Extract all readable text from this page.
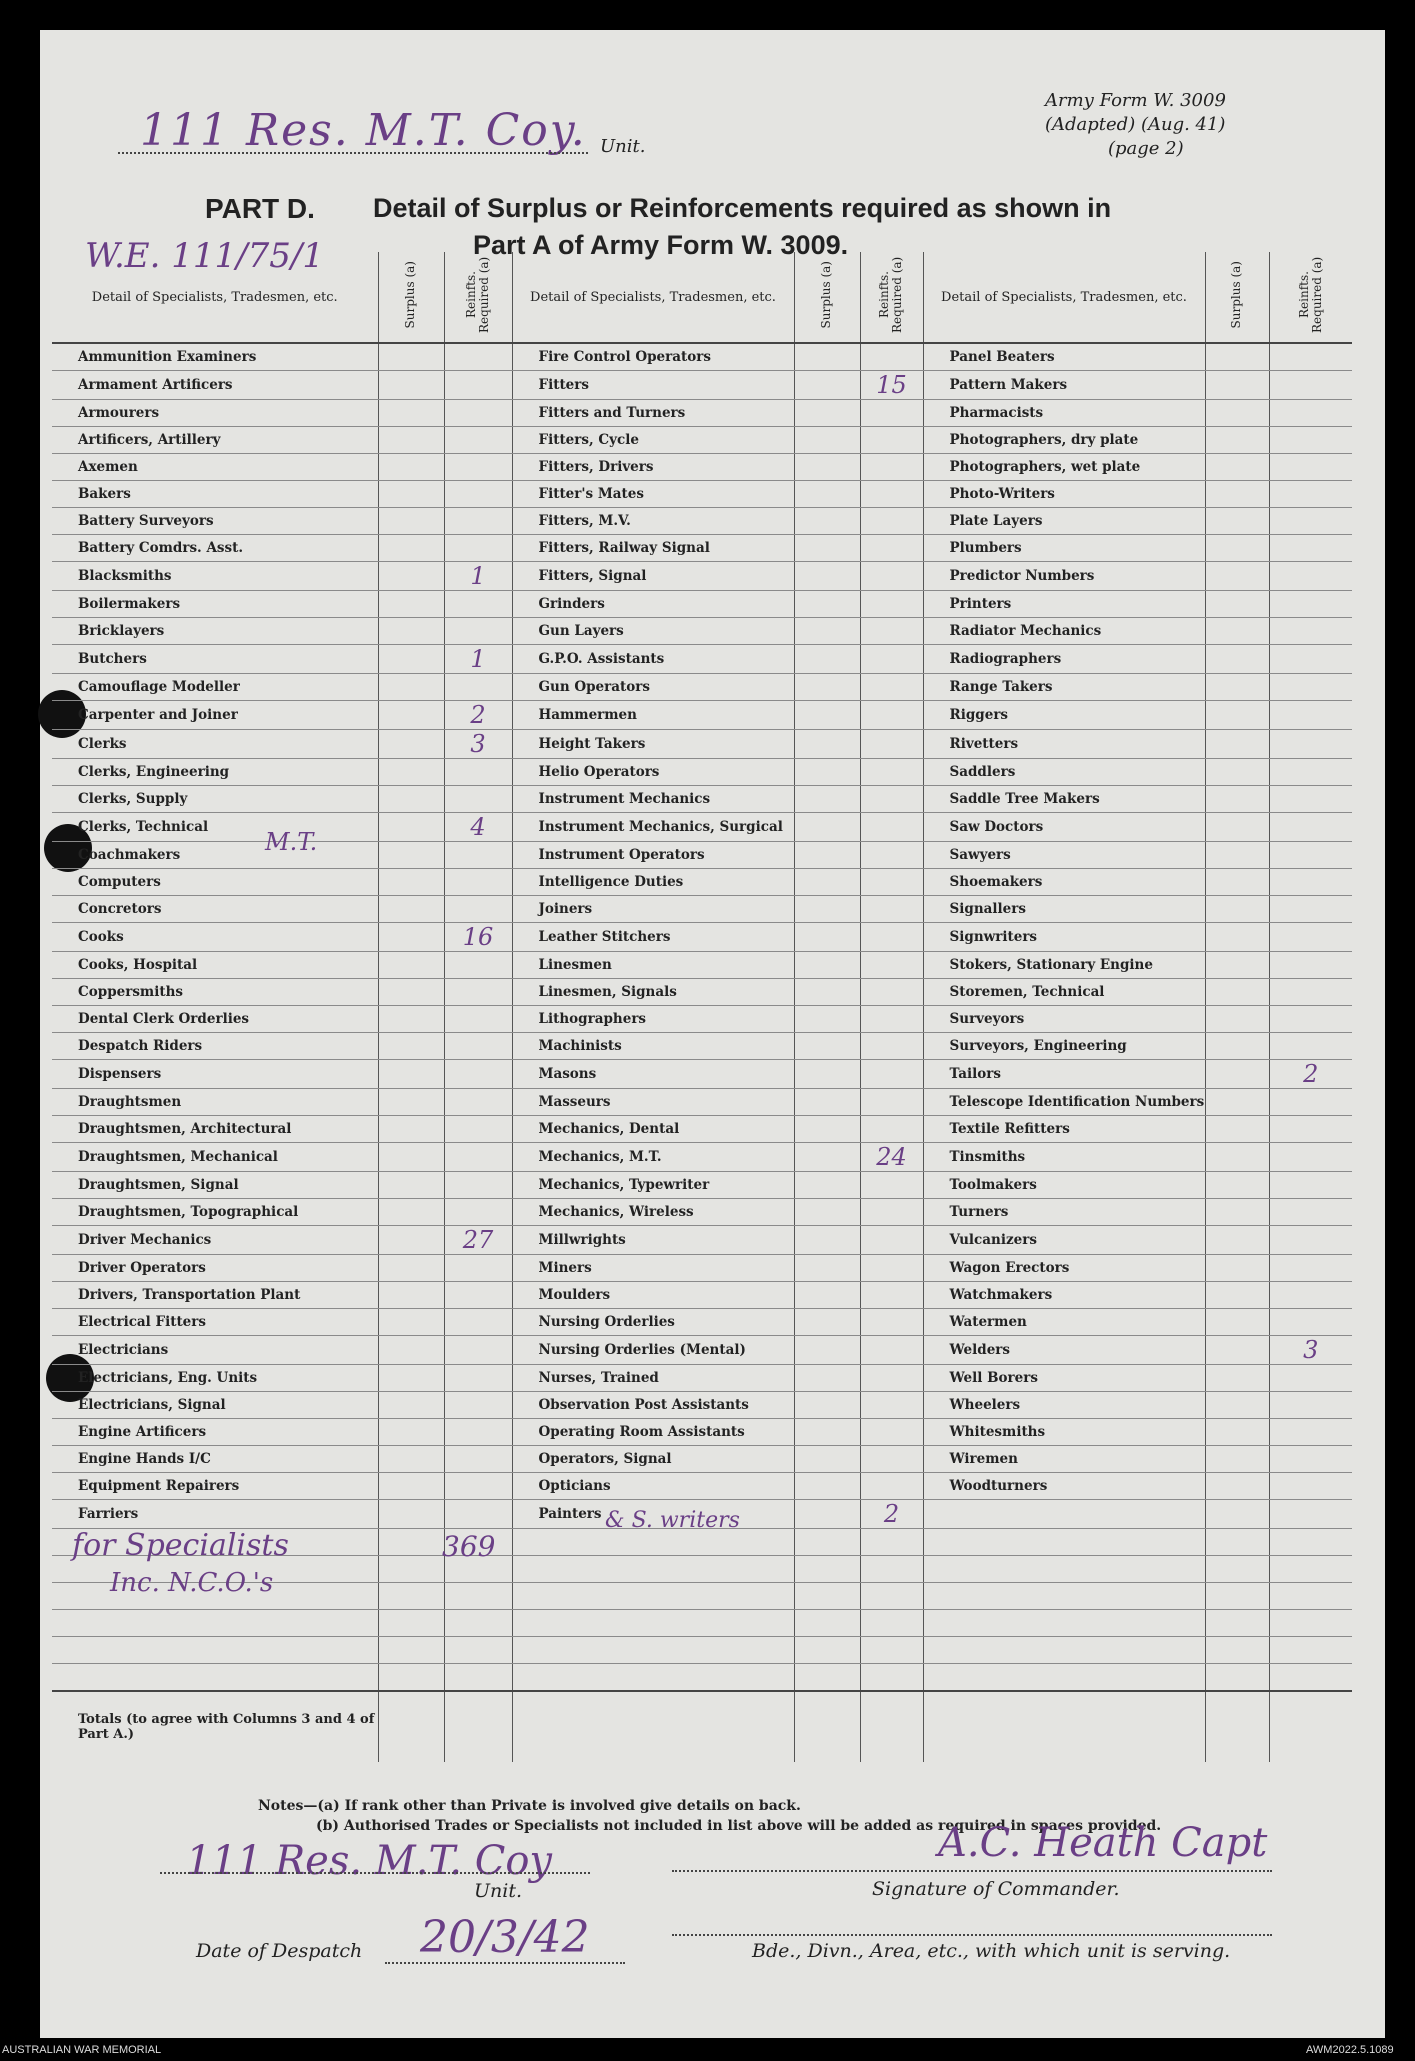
111 Res. M.T. Coy. Unit.
Army Form W. 3009
(Adapted) (Aug. 41)
(page 2)
PART D. Detail of Surplus or Reinforcements required as shown in
Part A of Army Form W. 3009.
W.E. 111/75/1
Detail of Specialists, Tradesmen, etc.	Surplus (a)	Reinfts. Required (a)	Detail of Specialists, Tradesmen, etc.	Surplus (a)	Reinfts. Required (a)	Detail of Specialists, Tradesmen, etc.	Surplus (a)	Reinfts. Required (a)
Ammunition Examiners			Fire Control Operators			Panel Beaters		
Armament Artificers			Fitters		15	Pattern Makers		
Armourers			Fitters and Turners			Pharmacists		
Artificers, Artillery			Fitters, Cycle			Photographers, dry plate		
Axemen			Fitters, Drivers			Photographers, wet plate		
Bakers			Fitter's Mates			Photo-Writers		
Battery Surveyors			Fitters, M.V.			Plate Layers		
Battery Comdrs. Asst.			Fitters, Railway Signal			Plumbers		
Blacksmiths		1	Fitters, Signal			Predictor Numbers		
Boilermakers			Grinders			Printers		
Bricklayers			Gun Layers			Radiator Mechanics		
Butchers		1	G.P.O. Assistants			Radiographers		
Camouflage Modeller			Gun Operators			Range Takers		
Carpenter and Joiner		2	Hammermen			Riggers		
Clerks		3	Height Takers			Rivetters		
Clerks, Engineering			Helio Operators			Saddlers		
Clerks, Supply			Instrument Mechanics			Saddle Tree Makers		
Clerks, Technical		4	Instrument Mechanics, Surgical			Saw Doctors		
Coachmakers			Instrument Operators			Sawyers		
Computers			Intelligence Duties			Shoemakers		
Concretors			Joiners			Signallers		
Cooks		16	Leather Stitchers			Signwriters		
Cooks, Hospital			Linesmen			Stokers, Stationary Engine		
Coppersmiths			Linesmen, Signals			Storemen, Technical		
Dental Clerk Orderlies			Lithographers			Surveyors		
Despatch Riders			Machinists			Surveyors, Engineering		
Dispensers			Masons			Tailors		2
Draughtsmen			Masseurs			Telescope Identification Numbers		
Draughtsmen, Architectural			Mechanics, Dental			Textile Refitters		
Draughtsmen, Mechanical			Mechanics, M.T.		24	Tinsmiths		
Draughtsmen, Signal			Mechanics, Typewriter			Toolmakers		
Draughtsmen, Topographical			Mechanics, Wireless			Turners		
Driver Mechanics		27	Millwrights			Vulcanizers		
Driver Operators			Miners			Wagon Erectors		
Drivers, Transportation Plant			Moulders			Watchmakers		
Electrical Fitters			Nursing Orderlies			Watermen		
Electricians			Nursing Orderlies (Mental)			Welders		3
Electricians, Eng. Units			Nurses, Trained			Well Borers		
Electricians, Signal			Observation Post Assistants			Wheelers		
Engine Artificers			Operating Room Assistants			Whitesmiths		
Engine Hands I/C			Operators, Signal			Wiremen		
Equipment Repairers			Opticians			Woodturners		
Farriers			Painters		2			

Totals (to agree with Columns 3 and 4 of Part A.)								
M.T.
& S. writers
for Specialists
Inc. N.C.O.'s
369
Notes—(a) If rank other than Private is involved give details on back.
(b) Authorised Trades or Specialists not included in list above will be added as required in spaces provided.
111 Res. M.T. Coy
Unit.
A.C. Heath Capt
Signature of Commander.
Date of Despatch 20/3/42	Bde., Divn., Area, etc., with which unit is serving.
AUSTRALIAN WAR MEMORIAL	AWM2022.5.1089
